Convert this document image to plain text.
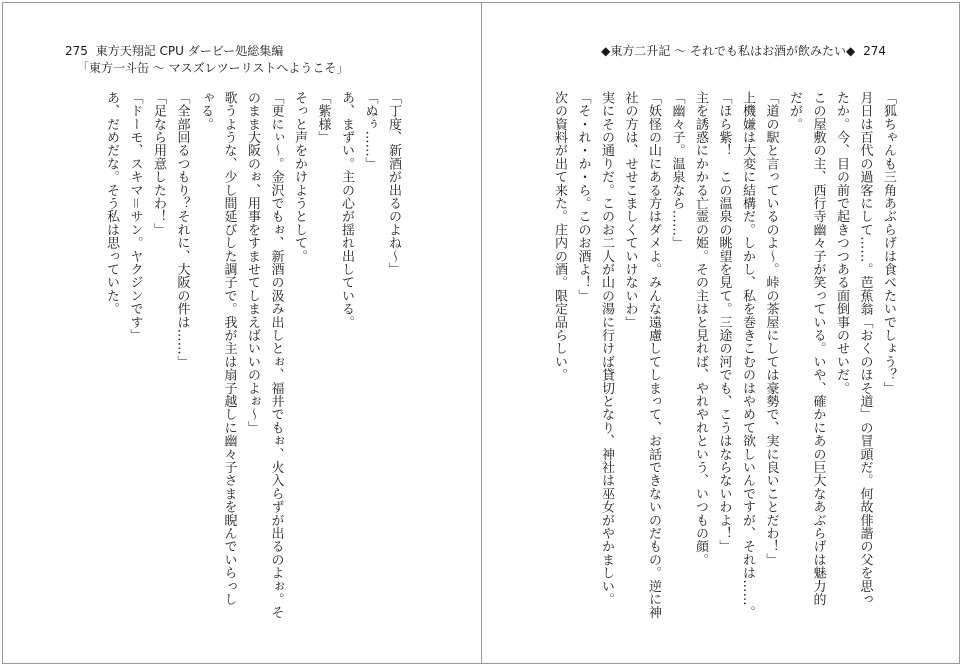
275 東方天翔記 CPU ダービー処総集編
「東方一斗缶 ～ マスズレツーリストへようこそ」
「丁度、新酒が出るのよね～」
「ぬぅ……」
あ、まずい。主の心が揺れ出している。
「紫様」
そっと声をかけようとして。
「更にぃ～。金沢でもぉ、新酒の汲み出しとぉ、福井でもぉ、火入らずが出るのよぉ。そ
のまま大阪のぉ、用事をすませてしまえばいいのよぉ～」
歌うような、少し間延びした調子で。我が主は扇子越しに幽々子さまを睨んでいらっし
ゃる。
「全部回るつもり？それに、大阪の件は……」
「足なら用意したわ！」
「ドーモ、スキマ＝サン。ヤクジンです」
あ、だめだな。そう私は思っていた。
◆東方二升記 ～ それでも私はお酒が飲みたい◆ 274
「狐ちゃんも三角あぶらげは食べたいでしょう？」
月日は百代の過客にして……。芭蕉翁「おくのほそ道」の冒頭だ。何故俳諧の父を思っ
たか。今、目の前で起きつつある面倒事のせいだ。
この屋敷の主、西行寺幽々子が笑っている。いや、確かにあの巨大なあぶらげは魅力的
だが。
「道の駅と言っているのよ～。峠の茶屋にしては豪勢で、実に良いことだわ！」
上機嫌は大変に結構だ。しかし、私を巻きこむのはやめて欲しいんですが、それは……。
「ほら紫！　この温泉の眺望を見て。三途の河でも、こうはならないわよ！」
主を誘惑にかかる亡霊の姫。その主はと見れば、やれやれという、いつもの顔。
「幽々子。温泉なら……」
「妖怪の山にある方はダメよ。みんな遠慮してしまって、お話できないのだもの。逆に神
社の方は、せせこましくていけないわ」
実にその通りだ。このお二人が山の湯に行けば貸切となり、神社は巫女がやかましい。
「そ・れ・か・ら。このお酒よ！」
次の資料が出て来た。庄内の酒。限定品らしい。
